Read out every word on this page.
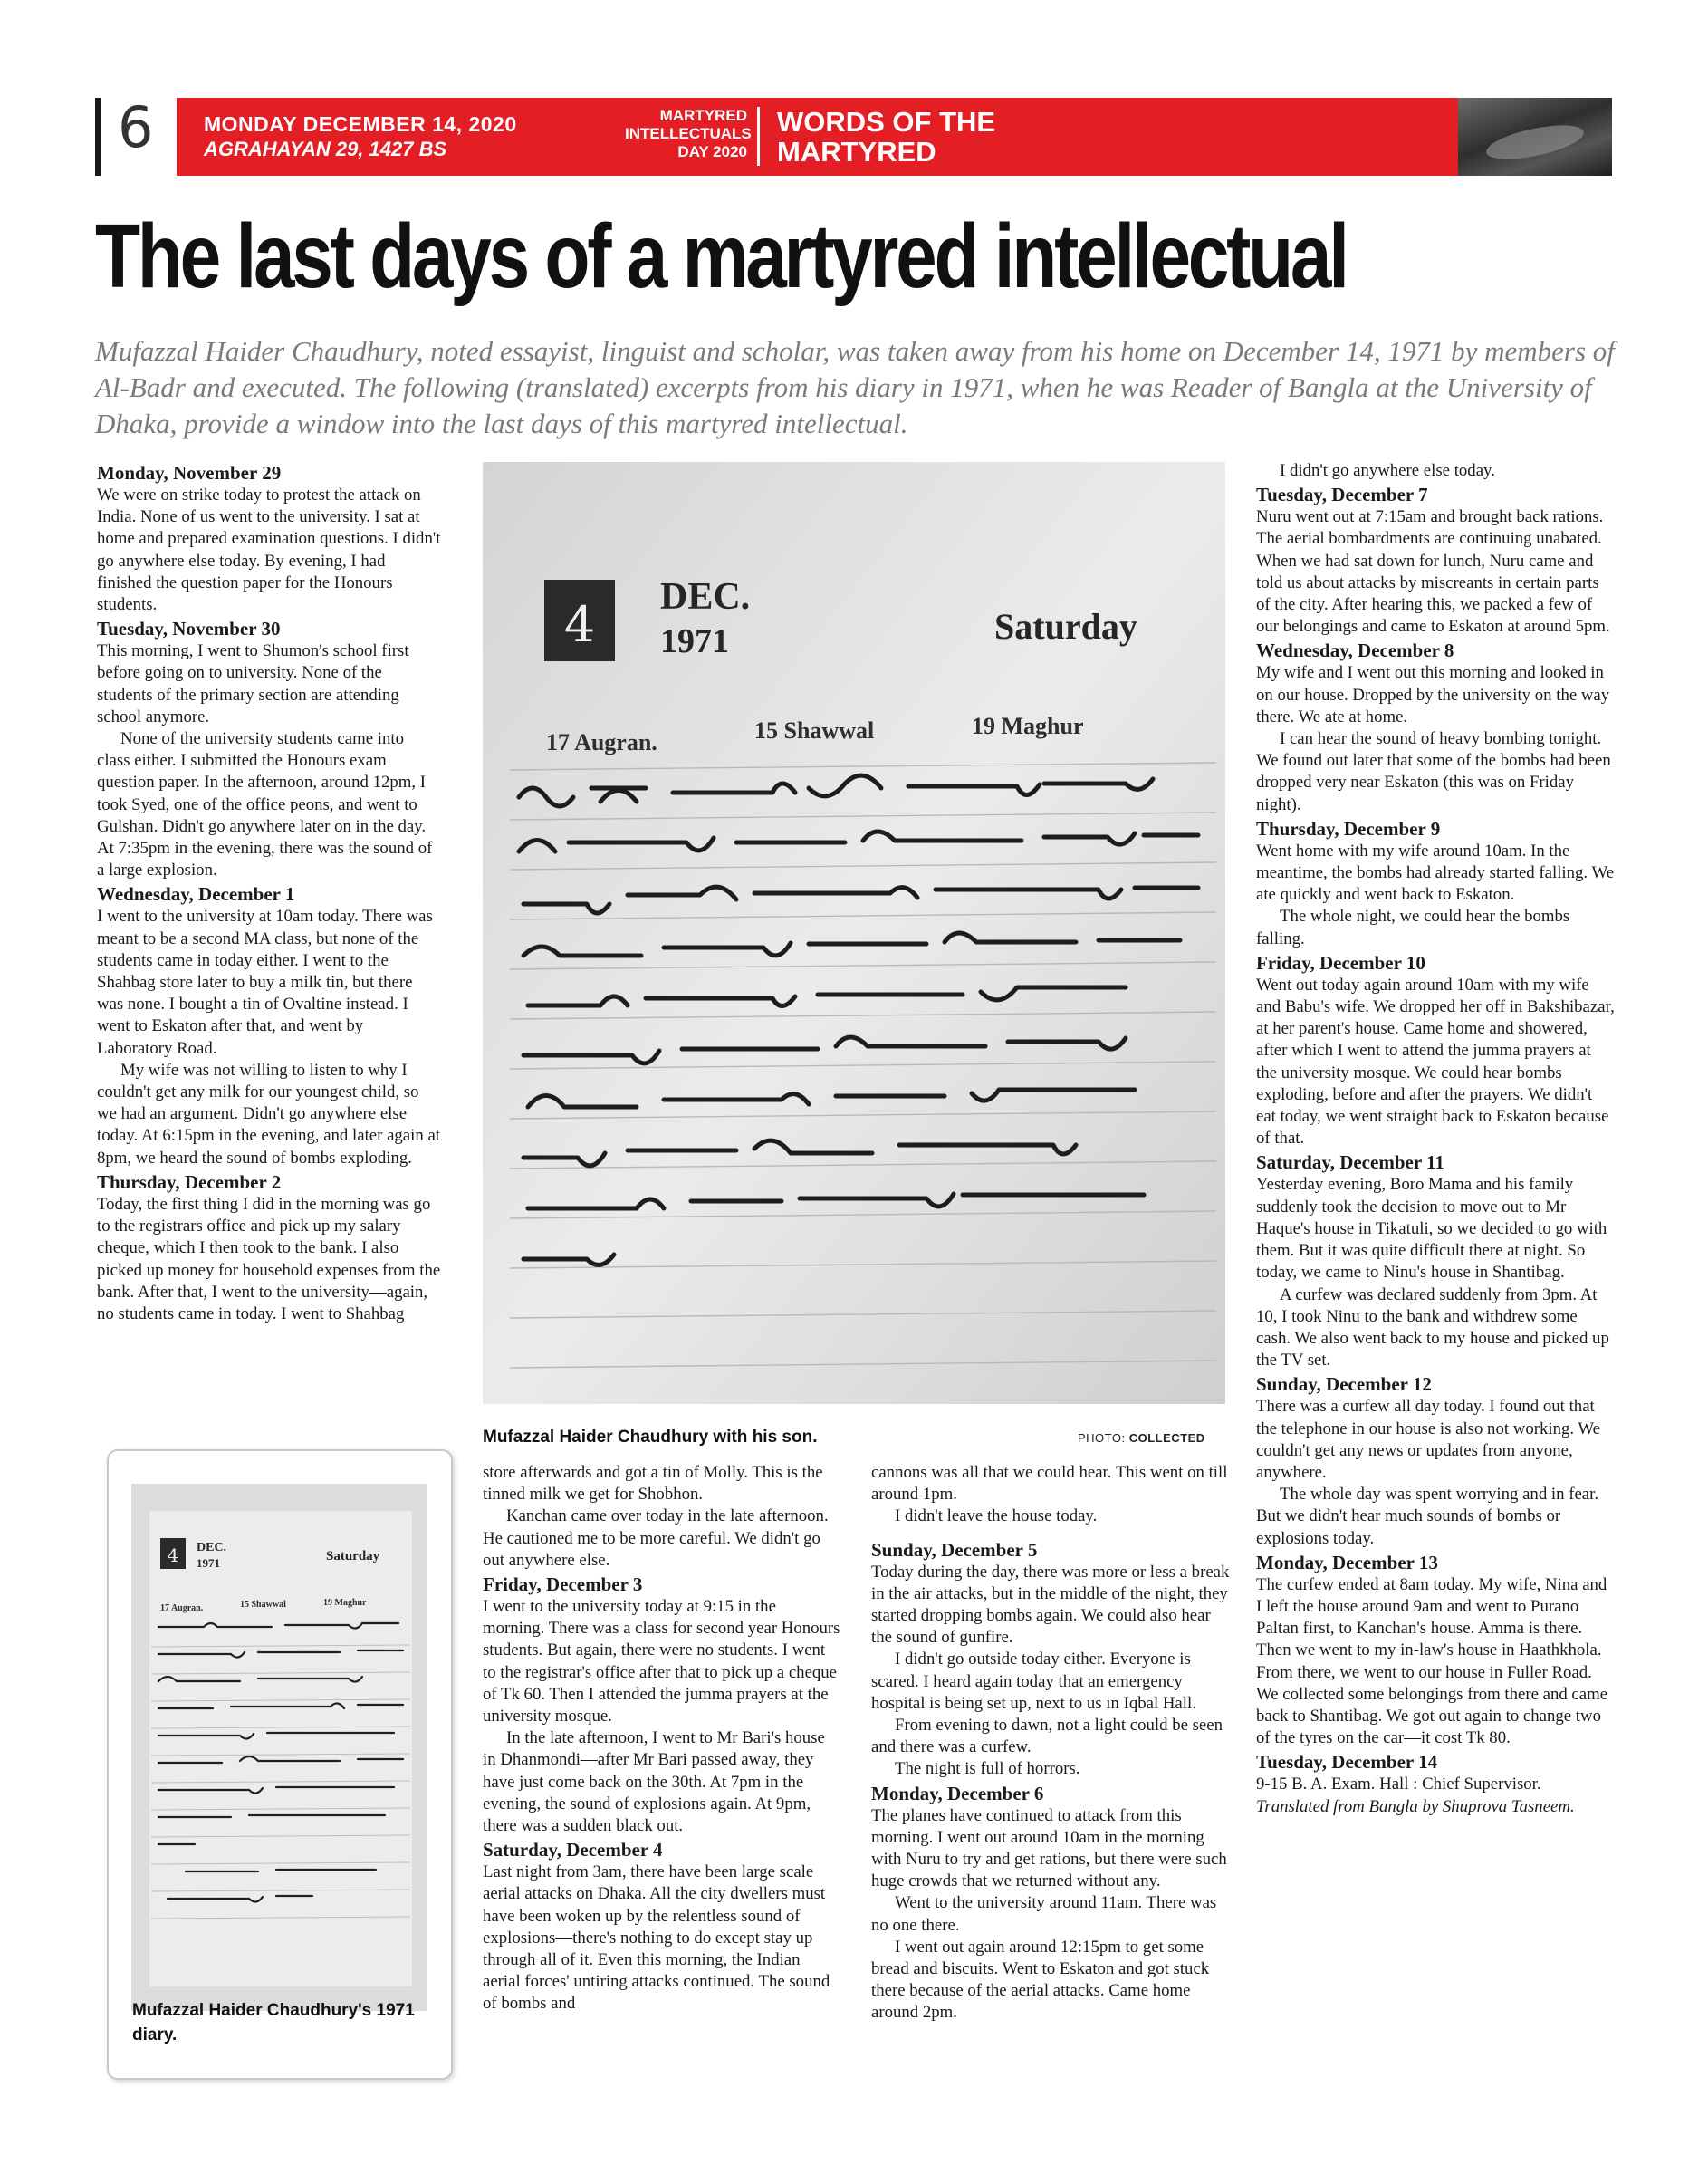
6 MONDAY DECEMBER 14, 2020
AGRAHAYAN 29, 1427 BS
MARTYRED
INTELLECTUALS
DAY 2020
WORDS OF THE
MARTYRED
The last days of a martyred intellectual
Mufazzal Haider Chaudhury, noted essayist, linguist and scholar, was taken away from his home on December 14, 1971 by members of Al-Badr and executed. The following (translated) excerpts from his diary in 1971, when he was Reader of Bangla at the University of Dhaka, provide a window into the last days of this martyred intellectual.
Monday, November 29

We were on strike today to protest the attack on India. None of us went to the university. I sat at home and prepared examination questions. I didn't go anywhere else today. By evening, I had finished the question paper for the Honours students.

Tuesday, November 30

This morning, I went to Shumon's school first before going on to university. None of the students of the primary section are attending school anymore.

None of the university students came into class either. I submitted the Honours exam question paper. In the afternoon, around 12pm, I took Syed, one of the office peons, and went to Gulshan. Didn't go anywhere later on in the day. At 7:35pm in the evening, there was the sound of a large explosion.

Wednesday, December 1

I went to the university at 10am today. There was meant to be a second MA class, but none of the students came in today either. I went to the Shahbag store later to buy a milk tin, but there was none. I bought a tin of Ovaltine instead. I went to Eskaton after that, and went by Laboratory Road.

My wife was not willing to listen to why I couldn't get any milk for our youngest child, so we had an argument. Didn't go anywhere else today. At 6:15pm in the evening, and later again at 8pm, we heard the sound of bombs exploding.

Thursday, December 2

Today, the first thing I did in the morning was go to the registrars office and pick up my salary cheque, which I then took to the bank. I also picked up money for household expenses from the bank. After that, I went to the university—again, no students came in today. I went to Shahbag

4 DEC.
1971	Saturday
17 Augran.	15 Shawwal	19 Maghur
Mufazzal Haider Chaudhury with his son.	PHOTO: COLLECTED
4 DEC.
1971	Saturday
17 Augran.	15 Shawwal	19 Maghur
Mufazzal Haider Chaudhury's 1971 diary.

store afterwards and got a tin of Molly. This is the tinned milk we get for Shobhon.

Kanchan came over today in the late afternoon. He cautioned me to be more careful. We didn't go out anywhere else.

Friday, December 3

I went to the university today at 9:15 in the morning. There was a class for second year Honours students. But again, there were no students. I went to the registrar's office after that to pick up a cheque of Tk 60. Then I attended the jumma prayers at the university mosque.

In the late afternoon, I went to Mr Bari's house in Dhanmondi—after Mr Bari passed away, they have just come back on the 30th. At 7pm in the evening, the sound of explosions again. At 9pm, there was a sudden black out.

Saturday, December 4

Last night from 3am, there have been large scale aerial attacks on Dhaka. All the city dwellers must have been woken up by the relentless sound of explosions—there's nothing to do except stay up through all of it. Even this morning, the Indian aerial forces' untiring attacks continued. The sound of bombs and

cannons was all that we could hear. This went on till around 1pm.

I didn't leave the house today.

Sunday, December 5

Today during the day, there was more or less a break in the air attacks, but in the middle of the night, they started dropping bombs again. We could also hear the sound of gunfire.

I didn't go outside today either. Everyone is scared. I heard again today that an emergency hospital is being set up, next to us in Iqbal Hall.

From evening to dawn, not a light could be seen and there was a curfew.

The night is full of horrors.

Monday, December 6

The planes have continued to attack from this morning. I went out around 10am in the morning with Nuru to try and get rations, but there were such huge crowds that we returned without any.

Went to the university around 11am. There was no one there.

I went out again around 12:15pm to get some bread and biscuits. Went to Eskaton and got stuck there because of the aerial attacks. Came home around 2pm.

I didn't go anywhere else today.

Tuesday, December 7

Nuru went out at 7:15am and brought back rations. The aerial bombardments are continuing unabated. When we had sat down for lunch, Nuru came and told us about attacks by miscreants in certain parts of the city. After hearing this, we packed a few of our belongings and came to Eskaton at around 5pm.

Wednesday, December 8

My wife and I went out this morning and looked in on our house. Dropped by the university on the way there. We ate at home.

I can hear the sound of heavy bombing tonight. We found out later that some of the bombs had been dropped very near Eskaton (this was on Friday night).

Thursday, December 9

Went home with my wife around 10am. In the meantime, the bombs had already started falling. We ate quickly and went back to Eskaton.

The whole night, we could hear the bombs falling.

Friday, December 10

Went out today again around 10am with my wife and Babu's wife. We dropped her off in Bakshibazar, at her parent's house. Came home and showered, after which I went to attend the jumma prayers at the university mosque. We could hear bombs exploding, before and after the prayers. We didn't eat today, we went straight back to Eskaton because of that.

Saturday, December 11

Yesterday evening, Boro Mama and his family suddenly took the decision to move out to Mr Haque's house in Tikatuli, so we decided to go with them. But it was quite difficult there at night. So today, we came to Ninu's house in Shantibag.

A curfew was declared suddenly from 3pm. At 10, I took Ninu to the bank and withdrew some cash. We also went back to my house and picked up the TV set.

Sunday, December 12

There was a curfew all day today. I found out that the telephone in our house is also not working. We couldn't get any news or updates from anyone, anywhere.

The whole day was spent worrying and in fear. But we didn't hear much sounds of bombs or explosions today.

Monday, December 13

The curfew ended at 8am today. My wife, Nina and I left the house around 9am and went to Purano Paltan first, to Kanchan's house. Amma is there. Then we went to my in-law's house in Haathkhola. From there, we went to our house in Fuller Road. We collected some belongings from there and came back to Shantibag. We got out again to change two of the tyres on the car—it cost Tk 80.

Tuesday, December 14

9-15 B. A. Exam. Hall : Chief Supervisor.

Translated from Bangla by Shuprova Tasneem.
